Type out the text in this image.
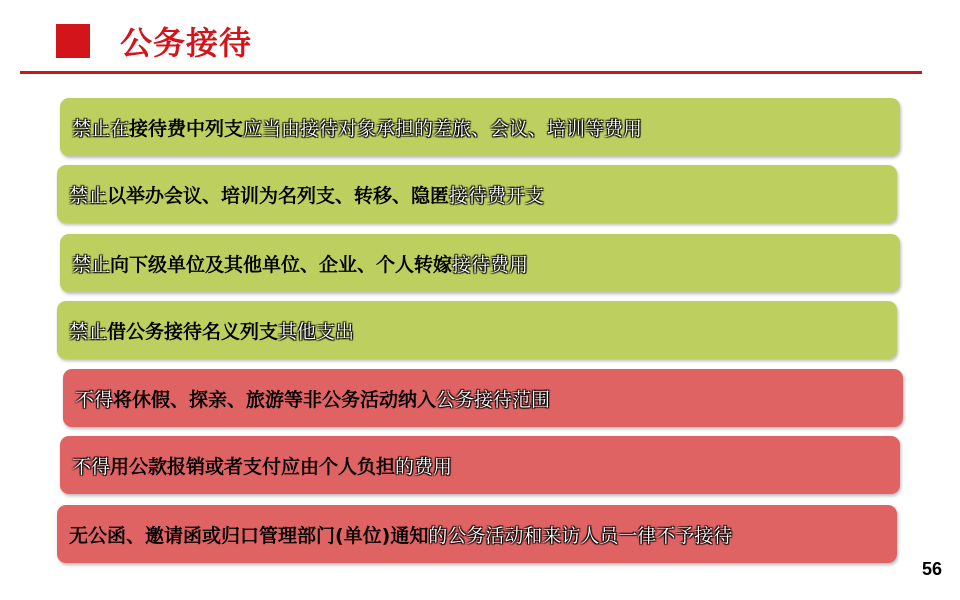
公务接待
禁止在 接待费中列支 应当由接待对象承担的差旅、会议、培训等费用
禁止 以举办会议、培训为名列支、转移、隐匿 接待费开支
禁止 向下级单位及其他单位、企业、个人转嫁 接待费用
禁止 借公务接待名义列支 其他支出
不得 将休假、探亲、旅游等非公务活动纳入 公务接待范围
不得 用公款报销或者支付应由个人负担 的费用
无公函、邀请函或归口管理部门(单位)通知 的公务活动和来访人员一律不予接待
56
